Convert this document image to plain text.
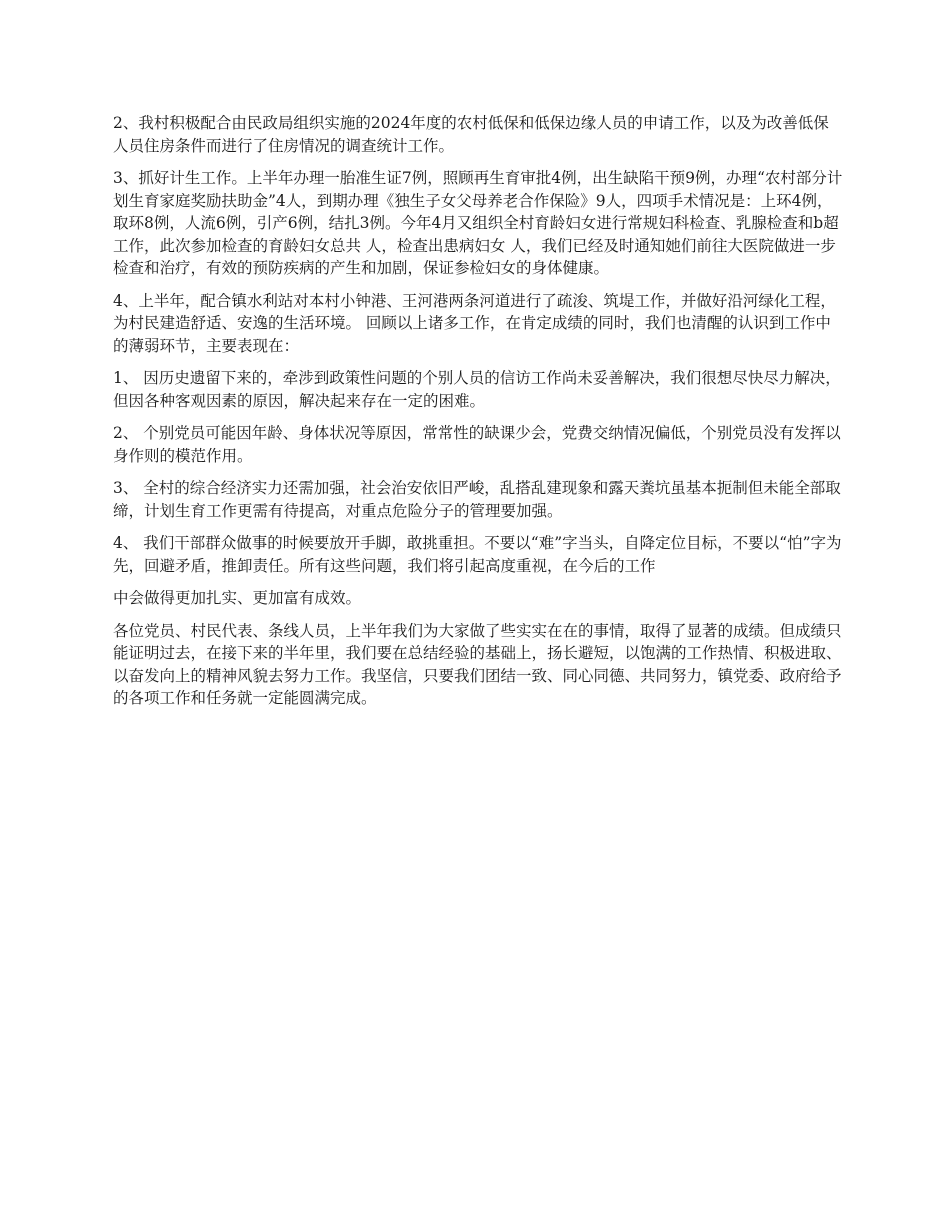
2、我村积极配合由民政局组织实施的2024年度的农村低保和低保边缘人员的申请工作，以及为改善低保人员住房条件而进行了住房情况的调查统计工作。

3、抓好计生工作。上半年办理一胎准生证7例，照顾再生育审批4例，出生缺陷干预9例，办理“农村部分计划生育家庭奖励扶助金”4人，到期办理《独生子女父母养老合作保险》9人，四项手术情况是：上环4例，取环8例，人流6例，引产6例，结扎3例。今年4月又组织全村育龄妇女进行常规妇科检查、乳腺检查和b超工作，此次参加检查的育龄妇女总共 人，检查出患病妇女 人，我们已经及时通知她们前往大医院做进一步检查和治疗，有效的预防疾病的产生和加剧，保证参检妇女的身体健康。

4、上半年，配合镇水利站对本村小钟港、王河港两条河道进行了疏浚、筑堤工作，并做好沿河绿化工程，为村民建造舒适、安逸的生活环境。 回顾以上诸多工作，在肯定成绩的同时，我们也清醒的认识到工作中的薄弱环节，主要表现在：

1、 因历史遗留下来的，牵涉到政策性问题的个别人员的信访工作尚未妥善解决，我们很想尽快尽力解决，但因各种客观因素的原因，解决起来存在一定的困难。

2、 个别党员可能因年龄、身体状况等原因，常常性的缺课少会，党费交纳情况偏低，个别党员没有发挥以身作则的模范作用。

3、 全村的综合经济实力还需加强，社会治安依旧严峻，乱搭乱建现象和露天粪坑虽基本扼制但未能全部取缔，计划生育工作更需有待提高，对重点危险分子的管理要加强。

4、 我们干部群众做事的时候要放开手脚，敢挑重担。不要以“难”字当头，自降定位目标，不要以“怕”字为先，回避矛盾，推卸责任。所有这些问题，我们将引起高度重视，在今后的工作

中会做得更加扎实、更加富有成效。

各位党员、村民代表、条线人员，上半年我们为大家做了些实实在在的事情，取得了显著的成绩。但成绩只能证明过去，在接下来的半年里，我们要在总结经验的基础上，扬长避短，以饱满的工作热情、积极进取、以奋发向上的精神风貌去努力工作。我坚信，只要我们团结一致、同心同德、共同努力，镇党委、政府给予的各项工作和任务就一定能圆满完成。
